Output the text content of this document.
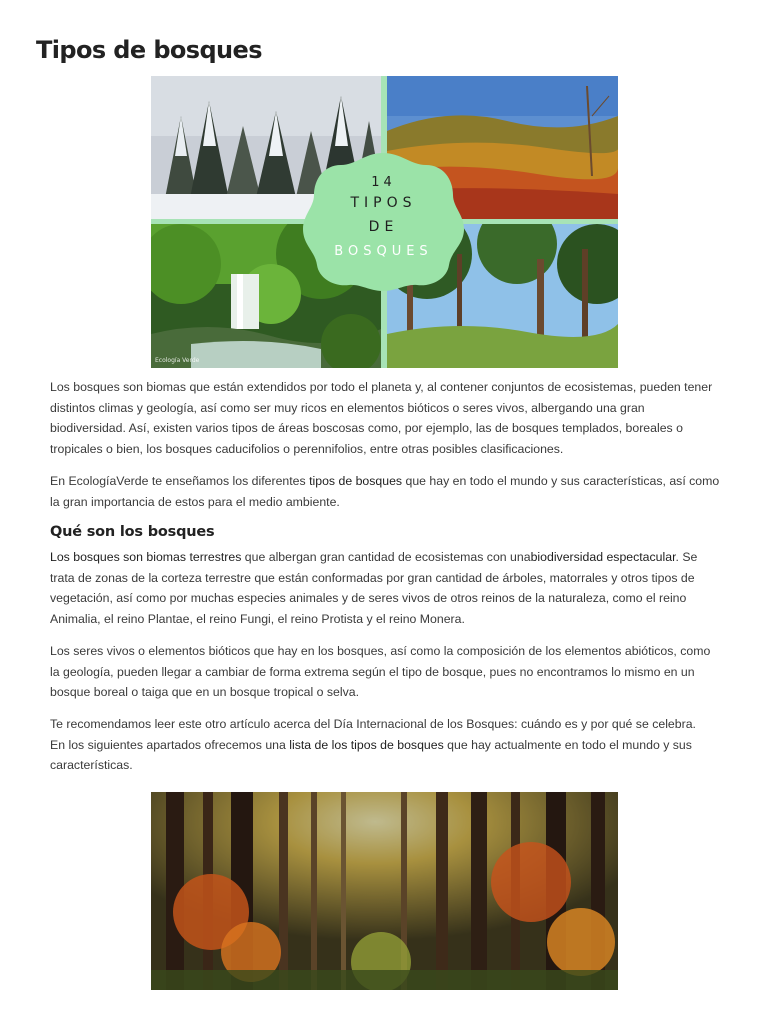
Tipos de bosques
Ecología Verde
14
TIPOS
DE
BOSQUES

Los bosques son biomas que están extendidos por todo el planeta y, al contener conjuntos de ecosistemas, pueden tener distintos climas y geología, así como ser muy ricos en elementos bióticos o seres vivos, albergando una gran biodiversidad. Así, existen varios tipos de áreas boscosas como, por ejemplo, las de bosques templados, boreales o tropicales o bien, los bosques caducifolios o perennifolios, entre otras posibles clasificaciones.

En EcologíaVerde te enseñamos los diferentes tipos de bosques que hay en todo el mundo y sus características, así como la gran importancia de estos para el medio ambiente.

Qué son los bosques

Los bosques son biomas terrestres que albergan gran cantidad de ecosistemas con unabiodiversidad espectacular. Se trata de zonas de la corteza terrestre que están conformadas por gran cantidad de árboles, matorrales y otros tipos de vegetación, así como por muchas especies animales y de seres vivos de otros reinos de la naturaleza, como el reino Animalia, el reino Plantae, el reino Fungi, el reino Protista y el reino Monera.

Los seres vivos o elementos bióticos que hay en los bosques, así como la composición de los elementos abióticos, como la geología, pueden llegar a cambiar de forma extrema según el tipo de bosque, pues no encontramos lo mismo en un bosque boreal o taiga que en un bosque tropical o selva.

Te recomendamos leer este otro artículo acerca del Día Internacional de los Bosques: cuándo es y por qué se celebra.
En los siguientes apartados ofrecemos una lista de los tipos de bosques que hay actualmente en todo el mundo y sus características.
